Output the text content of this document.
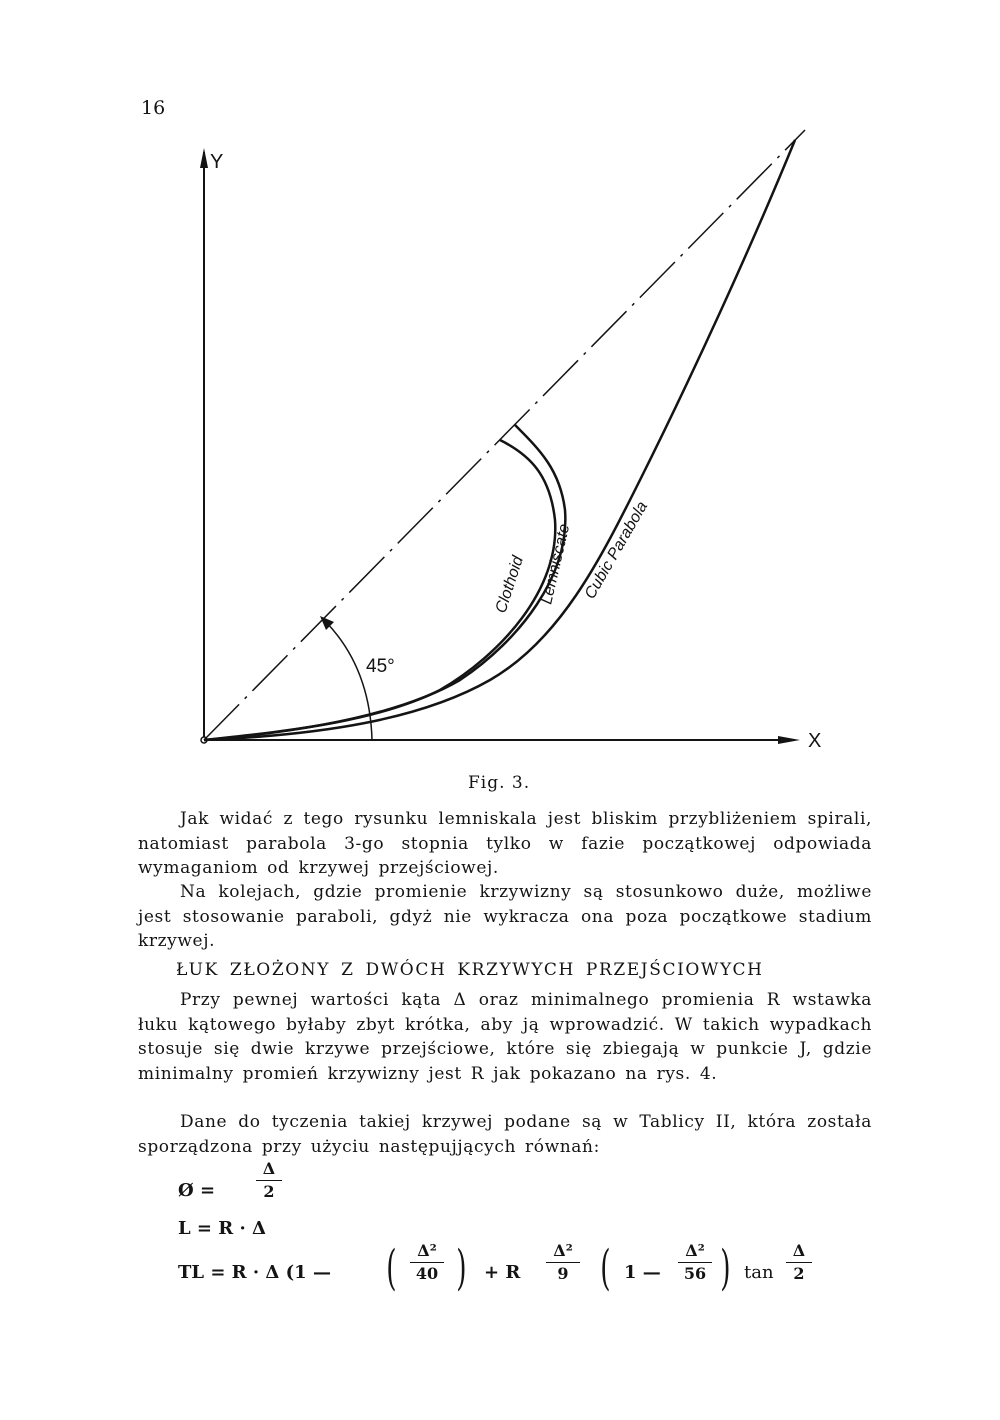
16
Y
X
45°
Clothoid Lemniscate Cubic Parabola
Fig. 3.

Jak widać z tego rysunku lemniskala jest bliskim przybliżeniem spirali, natomiast parabola 3-go stopnia tylko w fazie początkowej odpowiada wymaganiom od krzywej przejściowej.

Na kolejach, gdzie promienie krzywizny są stosunkowo duże, możliwe jest stosowanie paraboli, gdyż nie wykracza ona poza początkowe stadium krzywej.

ŁUK ZŁOŻONY Z DWÓCH KRZYWYCH PRZEJŚCIOWYCH

Przy pewnej wartości kąta Δ oraz minimalnego promienia R wstawka łuku kątowego byłaby zbyt krótka, aby ją wprowadzić. W takich wypadkach stosuje się dwie krzywe przejściowe, które się zbiegają w punkcie J, gdzie minimalny promień krzywizny jest R jak pokazano na rys. 4.

Dane do tyczenia takiej krzywej podane są w Tablicy II, która została sporządzona przy użyciu następujjących równań:

Ø =
Δ
2
L = R · Δ
TL = R · Δ (1 — (	Δ²
40 ) + R
Δ²
9 ( 1 —
Δ²
56 ) tan
Δ
2
